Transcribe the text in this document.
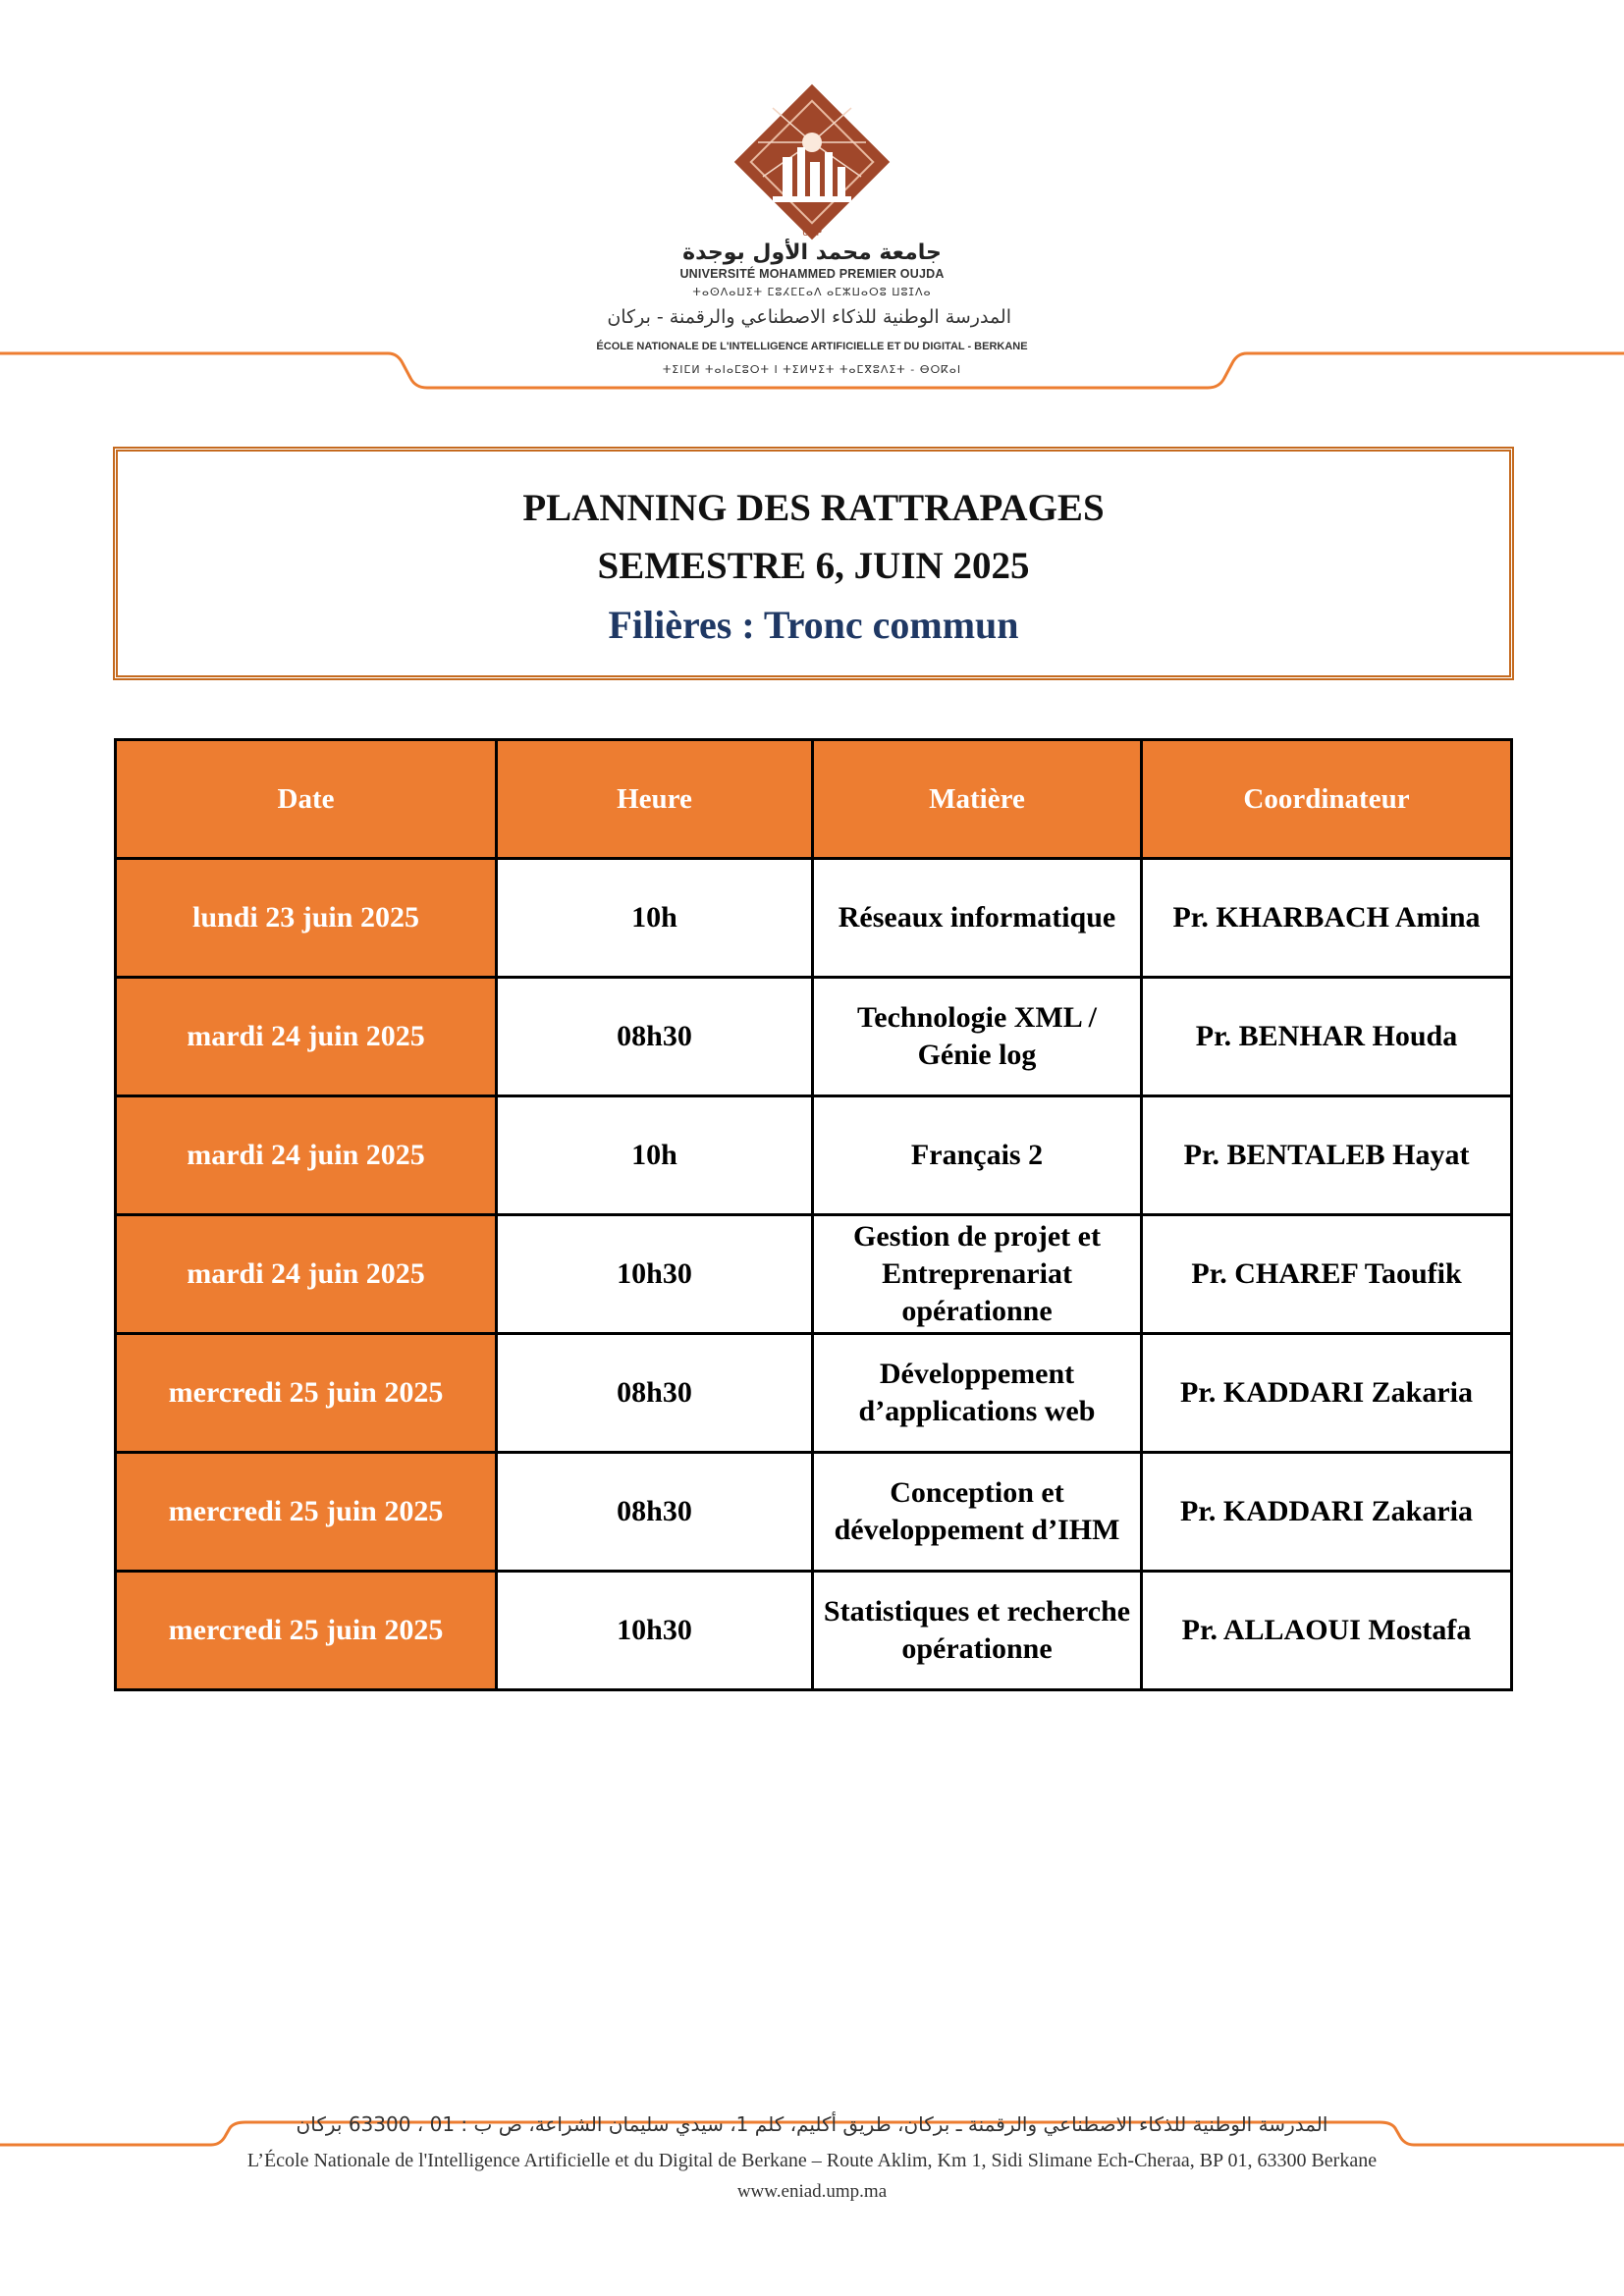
UMP
جامعة محمد الأول بوجدة
UNIVERSITÉ MOHAMMED PREMIER OUJDA
ⵜⴰⵙⴷⴰⵡⵉⵜ ⵎⵓⵃⵎⵎⴰⴷ ⴰⵎⵣⵡⴰⵔⵓ ⵡⵓⵊⴷⴰ
المدرسة الوطنية للذكاء الاصطناعي والرقمنة - بركان
ÉCOLE NATIONALE DE L'INTELLIGENCE ARTIFICIELLE ET DU DIGITAL - BERKANE
ⵜⵉⵏⵎⵍ ⵜⴰⵏⴰⵎⵓⵔⵜ ⵏ ⵜⵉⵍⵖⵉⵜ ⵜⴰⵎⴳⵓⴷⵉⵜ - ⴱⵔⴽⴰⵏ
PLANNING DES RATTRAPAGES
SEMESTRE 6, JUIN 2025
Filières : Tronc commun
Date	Heure	Matière	Coordinateur
lundi 23 juin 2025	10h	Réseaux informatique	Pr. KHARBACH Amina
mardi 24 juin 2025	08h30	Technologie XML / Génie log	Pr. BENHAR Houda
mardi 24 juin 2025	10h	Français 2	Pr. BENTALEB Hayat
mardi 24 juin 2025	10h30	Gestion de projet et Entreprenariat opérationne	Pr. CHAREF Taoufik
mercredi 25 juin 2025	08h30	Développement d’applications web	Pr. KADDARI Zakaria
mercredi 25 juin 2025	08h30	Conception et développement d’IHM	Pr. KADDARI Zakaria
mercredi 25 juin 2025	10h30	Statistiques et recherche opérationne	Pr. ALLAOUI Mostafa
المدرسة الوطنية للذكاء الاصطناعي والرقمنة ـ بركان، طريق أكليم، كلم 1، سيدي سليمان الشراعة، ص ب : 01 ، 63300 بركان
L’École Nationale de l'Intelligence Artificielle et du Digital de Berkane – Route Aklim, Km 1, Sidi Slimane Ech-Cheraa, BP 01, 63300 Berkane
www.eniad.ump.ma
